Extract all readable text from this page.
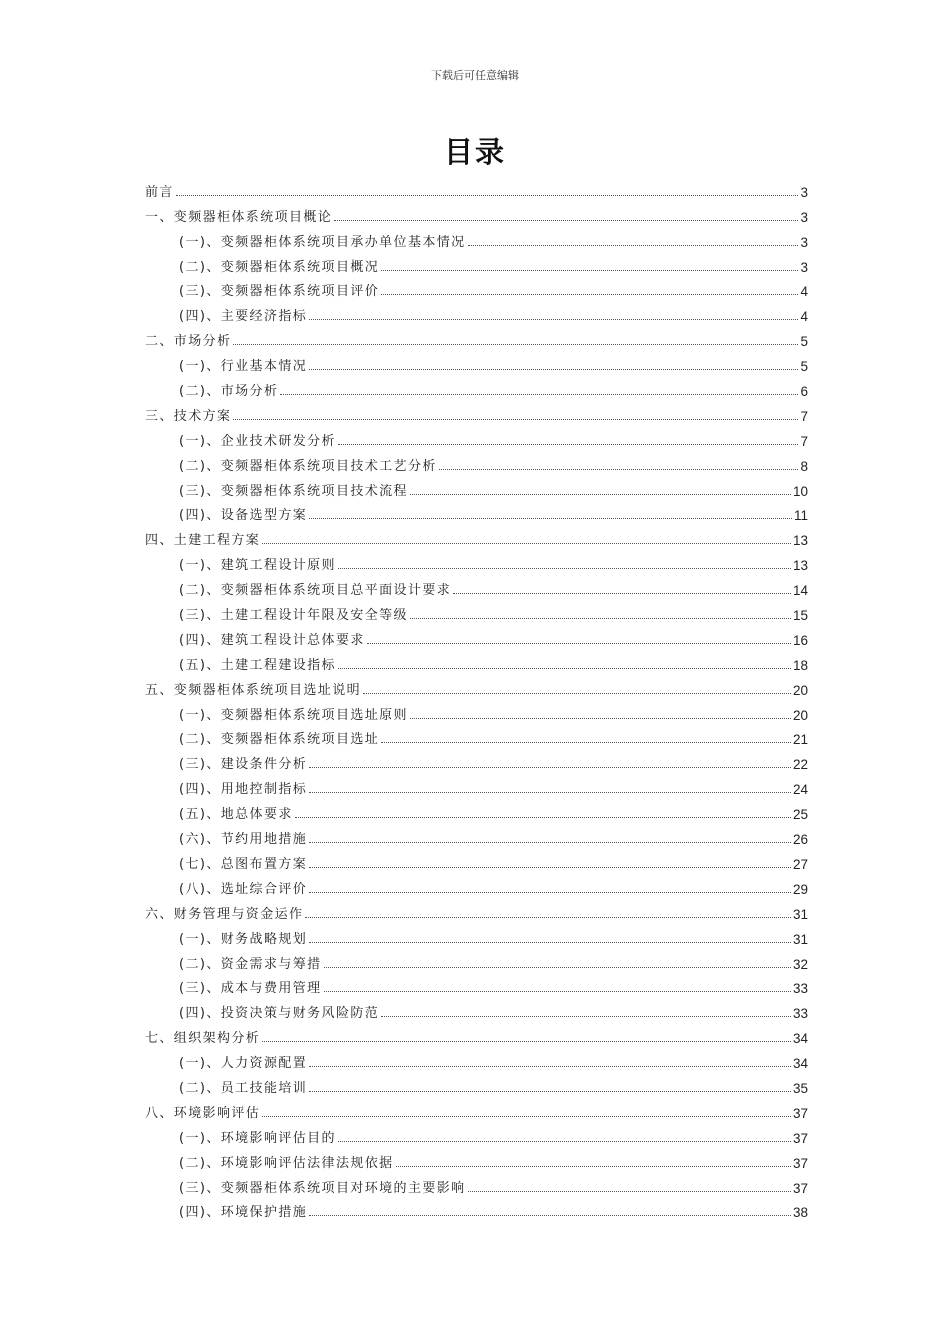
下载后可任意编辑
目录
前言	3
一、变频器柜体系统项目概论	3
(一)、变频器柜体系统项目承办单位基本情况	3
(二)、变频器柜体系统项目概况	3
(三)、变频器柜体系统项目评价	4
(四)、主要经济指标	4
二、市场分析	5
(一)、行业基本情况	5
(二)、市场分析	6
三、技术方案	7
(一)、企业技术研发分析	7
(二)、变频器柜体系统项目技术工艺分析	8
(三)、变频器柜体系统项目技术流程	10
(四)、设备选型方案	11
四、土建工程方案	13
(一)、建筑工程设计原则	13
(二)、变频器柜体系统项目总平面设计要求	14
(三)、土建工程设计年限及安全等级	15
(四)、建筑工程设计总体要求	16
(五)、土建工程建设指标	18
五、变频器柜体系统项目选址说明	20
(一)、变频器柜体系统项目选址原则	20
(二)、变频器柜体系统项目选址	21
(三)、建设条件分析	22
(四)、用地控制指标	24
(五)、地总体要求	25
(六)、节约用地措施	26
(七)、总图布置方案	27
(八)、选址综合评价	29
六、财务管理与资金运作	31
(一)、财务战略规划	31
(二)、资金需求与筹措	32
(三)、成本与费用管理	33
(四)、投资决策与财务风险防范	33
七、组织架构分析	34
(一)、人力资源配置	34
(二)、员工技能培训	35
八、环境影响评估	37
(一)、环境影响评估目的	37
(二)、环境影响评估法律法规依据	37
(三)、变频器柜体系统项目对环境的主要影响	37
(四)、环境保护措施	38
